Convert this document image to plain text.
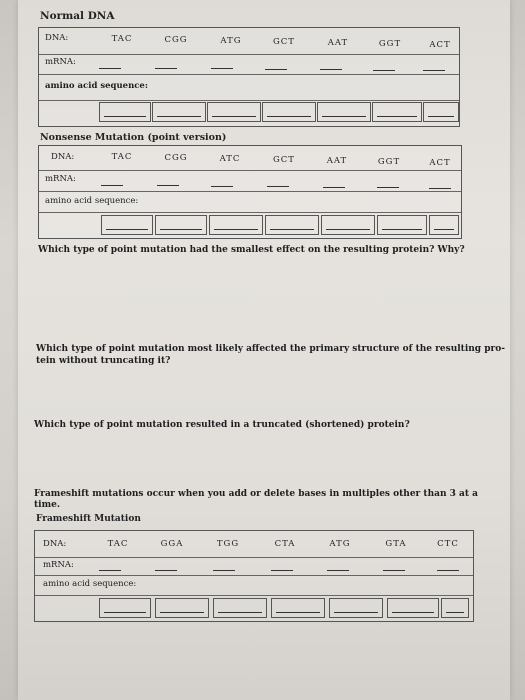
Normal DNA
DNA:	TAC	CGG	ATG	GCT	AAT	GGT	ACT
mRNA:
amino acid sequence:
Nonsense Mutation (point version)
DNA:	TAC	CGG	ATC	GCT	AAT	GGT	ACT
mRNA:
amino acid sequence:
Which type of point mutation had the smallest effect on the resulting protein? Why?
Which type of point mutation most likely affected the primary structure of the resulting pro-
tein without truncating it?
Which type of point mutation resulted in a truncated (shortened) protein?
Frameshift mutations occur when you add or delete bases in multiples other than 3 at a time.
Frameshift Mutation
DNA:	TAC	GGA	TGG	CTA	ATG	GTA	CTC
mRNA:
amino acid sequence:
